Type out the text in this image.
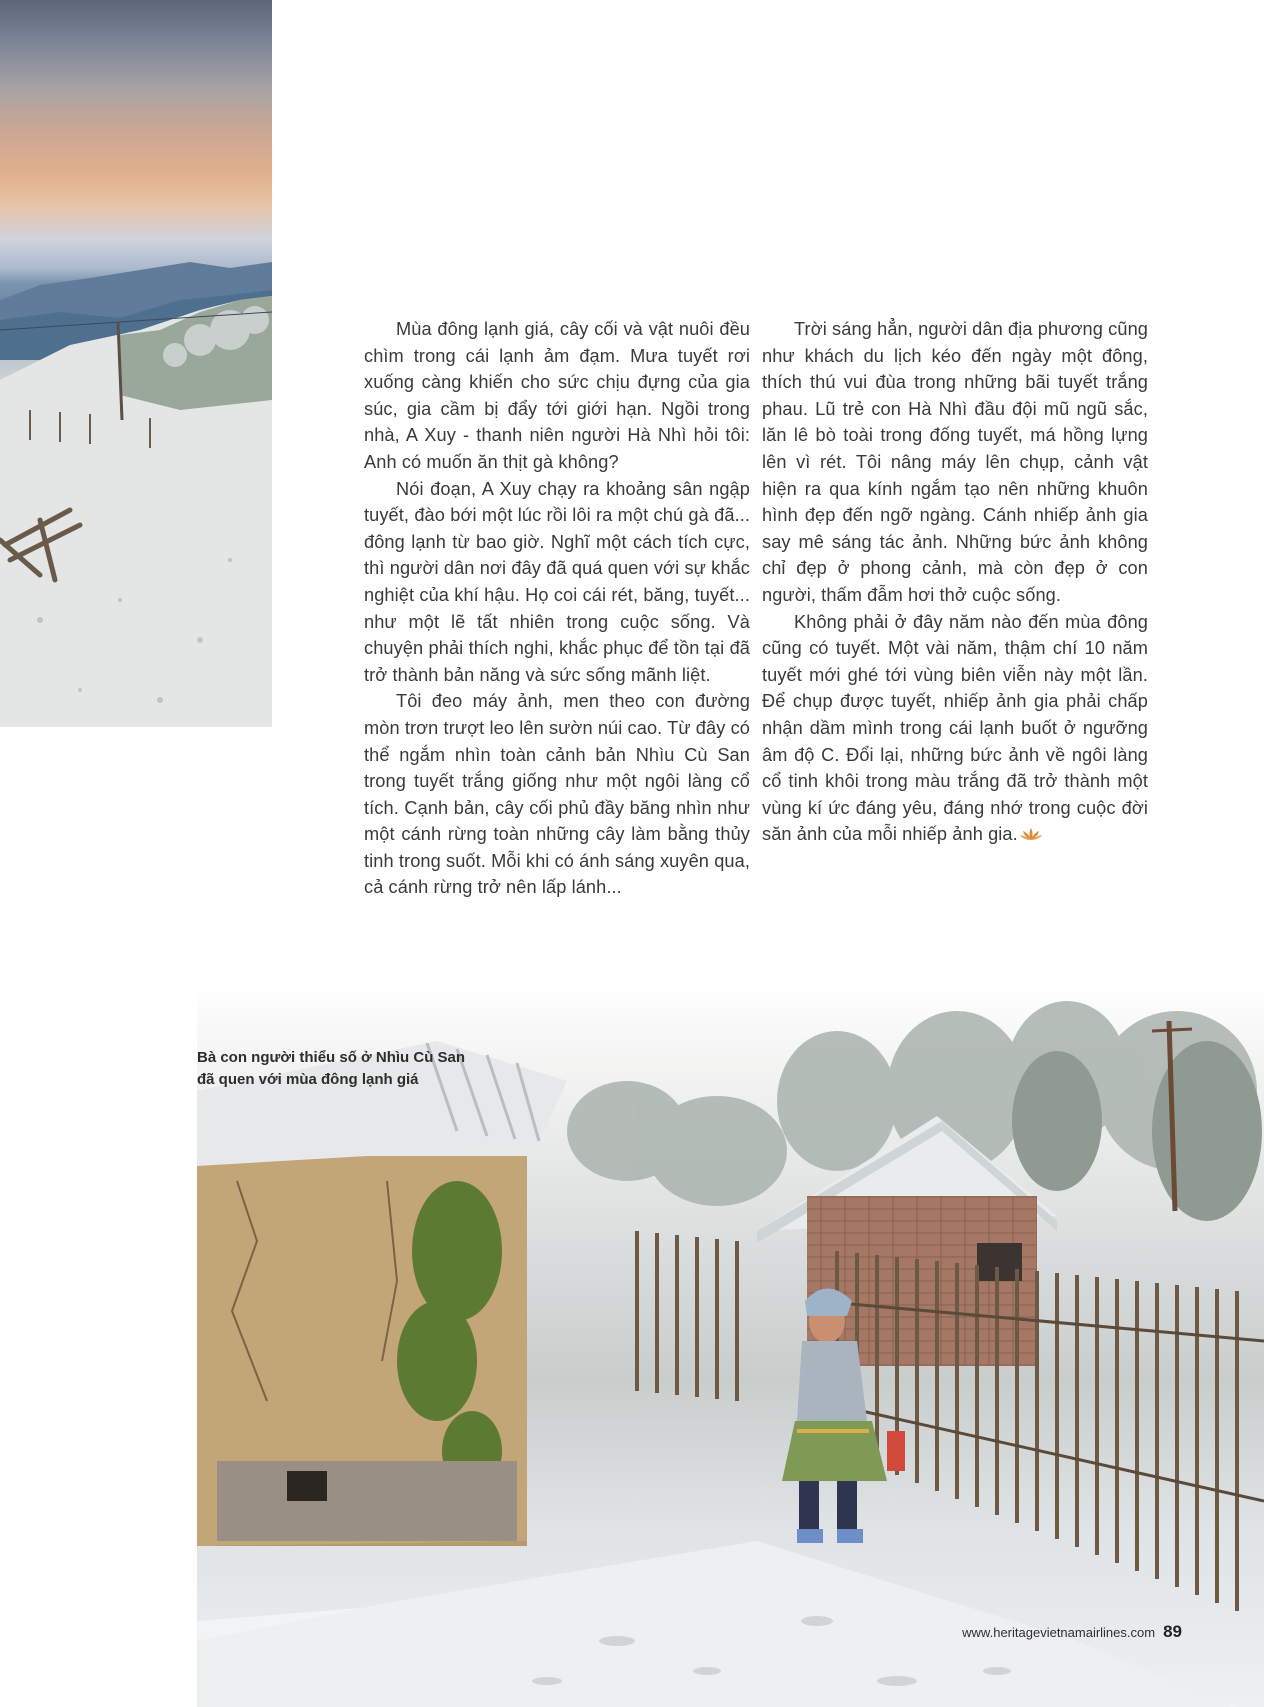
Mùa đông lạnh giá, cây cối và vật nuôi đều chìm trong cái lạnh ảm đạm. Mưa tuyết rơi xuống càng khiến cho sức chịu đựng của gia súc, gia cầm bị đẩy tới giới hạn. Ngồi trong nhà, A Xuy - thanh niên người Hà Nhì hỏi tôi: Anh có muốn ăn thịt gà không?

Nói đoạn, A Xuy chạy ra khoảng sân ngập tuyết, đào bới một lúc rồi lôi ra một chú gà đã... đông lạnh từ bao giờ. Nghĩ một cách tích cực, thì người dân nơi đây đã quá quen với sự khắc nghiệt của khí hậu. Họ coi cái rét, băng, tuyết... như một lẽ tất nhiên trong cuộc sống. Và chuyện phải thích nghi, khắc phục để tồn tại đã trở thành bản năng và sức sống mãnh liệt.

Tôi đeo máy ảnh, men theo con đường mòn trơn trượt leo lên sườn núi cao. Từ đây có thể ngắm nhìn toàn cảnh bản Nhìu Cù San trong tuyết trắng giống như một ngôi làng cổ tích. Cạnh bản, cây cối phủ đầy băng nhìn như một cánh rừng toàn những cây làm bằng thủy tinh trong suốt. Mỗi khi có ánh sáng xuyên qua, cả cánh rừng trở nên lấp lánh...

Trời sáng hẳn, người dân địa phương cũng như khách du lịch kéo đến ngày một đông, thích thú vui đùa trong những bãi tuyết trắng phau. Lũ trẻ con Hà Nhì đầu đội mũ ngũ sắc, lăn lê bò toài trong đống tuyết, má hồng lựng lên vì rét. Tôi nâng máy lên chụp, cảnh vật hiện ra qua kính ngắm tạo nên những khuôn hình đẹp đến ngỡ ngàng. Cánh nhiếp ảnh gia say mê sáng tác ảnh. Những bức ảnh không chỉ đẹp ở phong cảnh, mà còn đẹp ở con người, thấm đẫm hơi thở cuộc sống.

Không phải ở đây năm nào đến mùa đông cũng có tuyết. Một vài năm, thậm chí 10 năm tuyết mới ghé tới vùng biên viễn này một lần. Để chụp được tuyết, nhiếp ảnh gia phải chấp nhận dầm mình trong cái lạnh buốt ở ngưỡng âm độ C. Đổi lại, những bức ảnh về ngôi làng cổ tinh khôi trong màu trắng đã trở thành một vùng kí ức đáng yêu, đáng nhớ trong cuộc đời săn ảnh của mỗi nhiếp ảnh gia.

Bà con người thiểu số ở Nhìu Cù San
đã quen với mùa đông lạnh giá
www.heritagevietnamairlines.com 89
